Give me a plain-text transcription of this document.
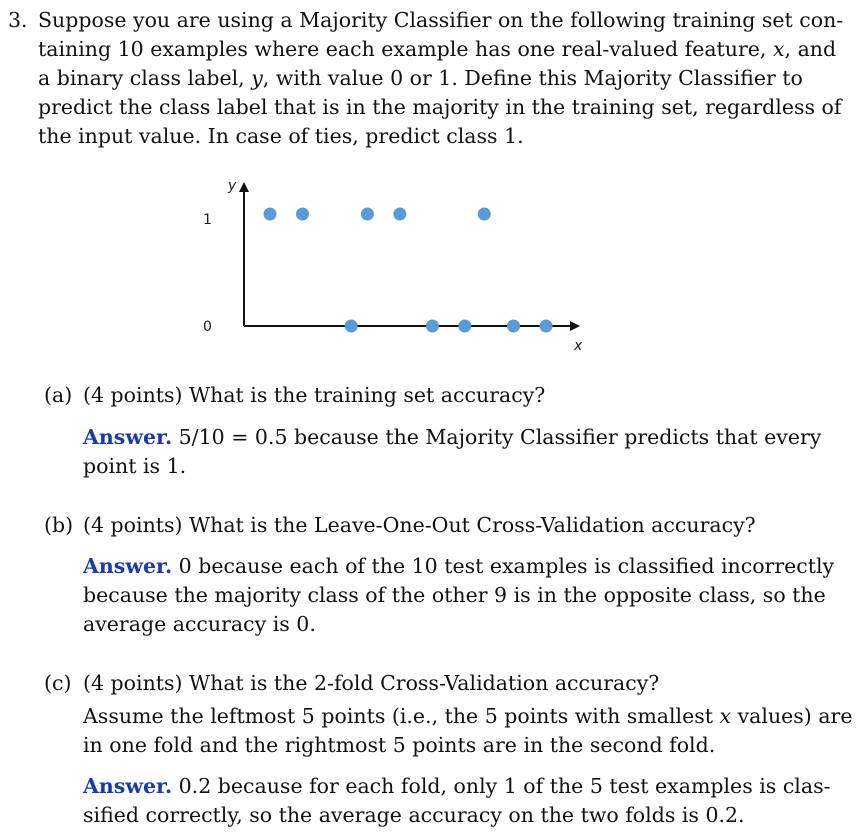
3. Suppose you are using a Majority Classifier on the following training set con-
taining 10 examples where each example has one real-valued feature, x, and
a binary class label, y, with value 0 or 1. Define this Majority Classifier to
predict the class label that is in the majority in the training set, regardless of
the input value. In case of ties, predict class 1.
y
x
1
0
(a) (4 points) What is the training set accuracy?
Answer. 5/10 = 0.5 because the Majority Classifier predicts that every
point is 1.
(b) (4 points) What is the Leave-One-Out Cross-Validation accuracy?
Answer. 0 because each of the 10 test examples is classified incorrectly
because the majority class of the other 9 is in the opposite class, so the
average accuracy is 0.
(c) (4 points) What is the 2-fold Cross-Validation accuracy?
Assume the leftmost 5 points (i.e., the 5 points with smallest x values) are
in one fold and the rightmost 5 points are in the second fold.
Answer. 0.2 because for each fold, only 1 of the 5 test examples is clas-
sified correctly, so the average accuracy on the two folds is 0.2.
